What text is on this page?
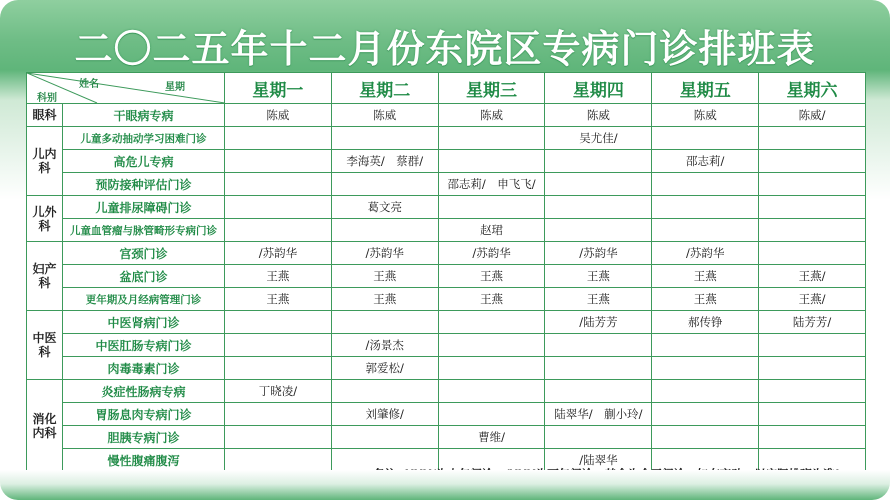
二〇二五年十二月份东院区专病门诊排班表
姓名 星期
科别		星期一	星期二	星期三	星期四	星期五	星期六
眼科	干眼病专病	陈威	陈威	陈威	陈威	陈威	陈威/
儿内科	儿童多动抽动学习困难门诊				吴尤佳/		
	高危儿专病		李海英/　蔡群/			邵志莉/	
	预防接种评估门诊			邵志莉/　申飞飞/			
儿外科	儿童排尿障碍门诊		葛文亮				
	儿童血管瘤与脉管畸形专病门诊			赵珺			
妇产科	宫颈门诊	/苏韵华	/苏韵华	/苏韵华	/苏韵华	/苏韵华	
	盆底门诊	王燕	王燕	王燕	王燕	王燕	王燕/
	更年期及月经病管理门诊	王燕	王燕	王燕	王燕	王燕	王燕/
中医科	中医肾病门诊				/陆芳芳	郝传铮	陆芳芳/
	中医肛肠专病门诊		/汤景杰				
	肉毒毒素门诊		郭爱松/				
消化内科	炎症性肠病专病	丁晓凌/					
	胃肠息肉专病门诊		刘肇修/		陆翠华/　蒯小玲/		
	胆胰专病门诊			曹维/			
	慢性腹痛腹泻				/陆翠华		
